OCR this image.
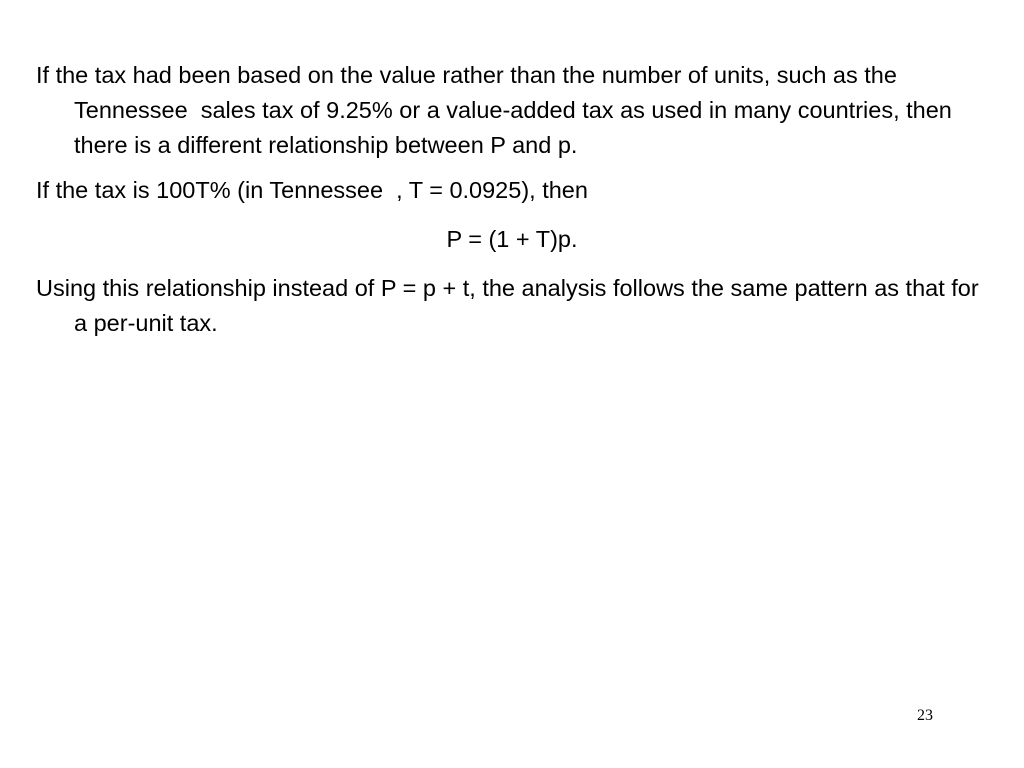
If the tax had been based on the value rather than the number of units, such as the Tennessee  sales tax of 9.25% or a value-added tax as used in many countries, then there is a different relationship between P and p.

If the tax is 100T% (in Tennessee  , T = 0.0925), then

P = (1 + T)p.

Using this relationship instead of P = p + t, the analysis follows the same pattern as that for a per-unit tax.

23
